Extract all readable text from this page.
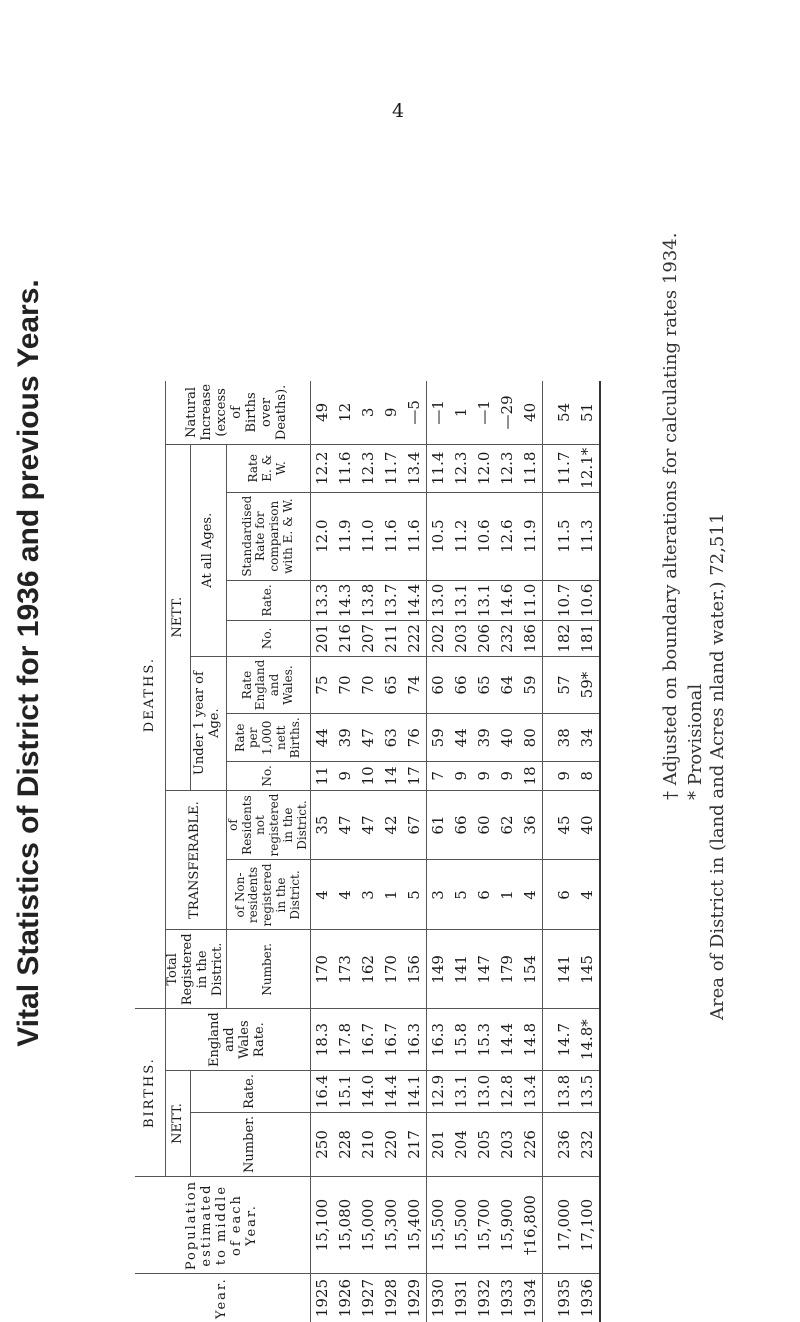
4
Vital Statistics of District for 1936 and previous Years.	Area of District in (land and Acres nland water.) 72,511
† Adjusted on boundary alterations for calculating rates 1934. * Provisional
Year.	Population estimated to middle of each Year.	BIRTHS.			DEATHS.										
		NETT.		England and Wales Rate.	Total Registered in the District.	TRANSFERABLE.		NETT.							Natural Increase (excess of Births over Deaths).
		Number.	Rate.					Under 1 year of Age.			At all Ages.				
					Number.	of Non-residents registered in the District.	of Residents not registered in the District.	No.	Rate per 1,000 nett Births.	Rate England and Wales.	No.	Rate.	Standardised Rate for comparison with E. & W.	Rate E. & W.	
1925	15,100	250	16.4	18.3	170	4	35	11	44	75	201	13.3	12.0	12.2	49
1926	15,080	228	15.1	17.8	173	4	47	9	39	70	216	14.3	11.9	11.6	12
1927	15,000	210	14.0	16.7	162	3	47	10	47	70	207	13.8	11.0	12.3	3
1928	15,300	220	14.4	16.7	170	1	42	14	63	65	211	13.7	11.6	11.7	9
1929	15,400	217	14.1	16.3	156	5	67	17	76	74	222	14.4	11.6	13.4	—5
1930	15,500	201	12.9	16.3	149	3	61	7	59	60	202	13.0	10.5	11.4	—1
1931	15,500	204	13.1	15.8	141	5	66	9	44	66	203	13.1	11.2	12.3	1
1932	15,700	205	13.0	15.3	147	6	60	9	39	65	206	13.1	10.6	12.0	—1
1933	15,900	203	12.8	14.4	179	1	62	9	40	64	232	14.6	12.6	12.3	—29
1934	†16,800	226	13.4	14.8	154	4	36	18	80	59	186	11.0	11.9	11.8	40

1935	17,000	236	13.8	14.7	141	6	45	9	38	57	182	10.7	11.5	11.7	54
1936	17,100	232	13.5	14.8*	145	4	40	8	34	59*	181	10.6	11.3	12.1*	51
